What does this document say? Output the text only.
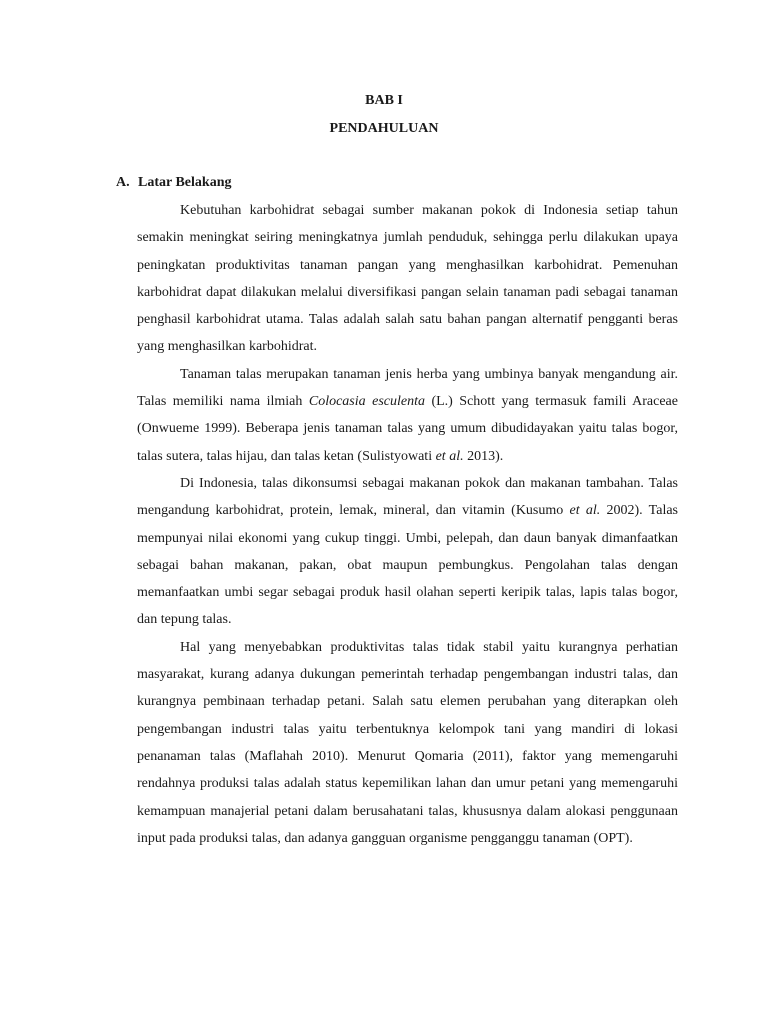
BAB I
PENDAHULUAN
A. Latar Belakang

Kebutuhan karbohidrat sebagai sumber makanan pokok di Indonesia setiap tahun semakin meningkat seiring meningkatnya jumlah penduduk, sehingga perlu dilakukan upaya peningkatan produktivitas tanaman pangan yang menghasilkan karbohidrat. Pemenuhan karbohidrat dapat dilakukan melalui diversifikasi pangan selain tanaman padi sebagai tanaman penghasil karbohidrat utama. Talas adalah salah satu bahan pangan alternatif pengganti beras yang menghasilkan karbohidrat.

Tanaman talas merupakan tanaman jenis herba yang umbinya banyak mengandung air. Talas memiliki nama ilmiah Colocasia esculenta (L.) Schott yang termasuk famili Araceae (Onwueme 1999). Beberapa jenis tanaman talas yang umum dibudidayakan yaitu talas bogor, talas sutera, talas hijau, dan talas ketan (Sulistyowati et al. 2013).

Di Indonesia, talas dikonsumsi sebagai makanan pokok dan makanan tambahan. Talas mengandung karbohidrat, protein, lemak, mineral, dan vitamin (Kusumo et al. 2002). Talas mempunyai nilai ekonomi yang cukup tinggi. Umbi, pelepah, dan daun banyak dimanfaatkan sebagai bahan makanan, pakan, obat maupun pembungkus. Pengolahan talas dengan memanfaatkan umbi segar sebagai produk hasil olahan seperti keripik talas, lapis talas bogor, dan tepung talas.

Hal yang menyebabkan produktivitas talas tidak stabil yaitu kurangnya perhatian masyarakat, kurang adanya dukungan pemerintah terhadap pengembangan industri talas, dan kurangnya pembinaan terhadap petani. Salah satu elemen perubahan yang diterapkan oleh pengembangan industri talas yaitu terbentuknya kelompok tani yang mandiri di lokasi penanaman talas (Maflahah 2010). Menurut Qomaria (2011), faktor yang memengaruhi rendahnya produksi talas adalah status kepemilikan lahan dan umur petani yang memengaruhi kemampuan manajerial petani dalam berusahatani talas, khususnya dalam alokasi penggunaan input pada produksi talas, dan adanya gangguan organisme pengganggu tanaman (OPT).
